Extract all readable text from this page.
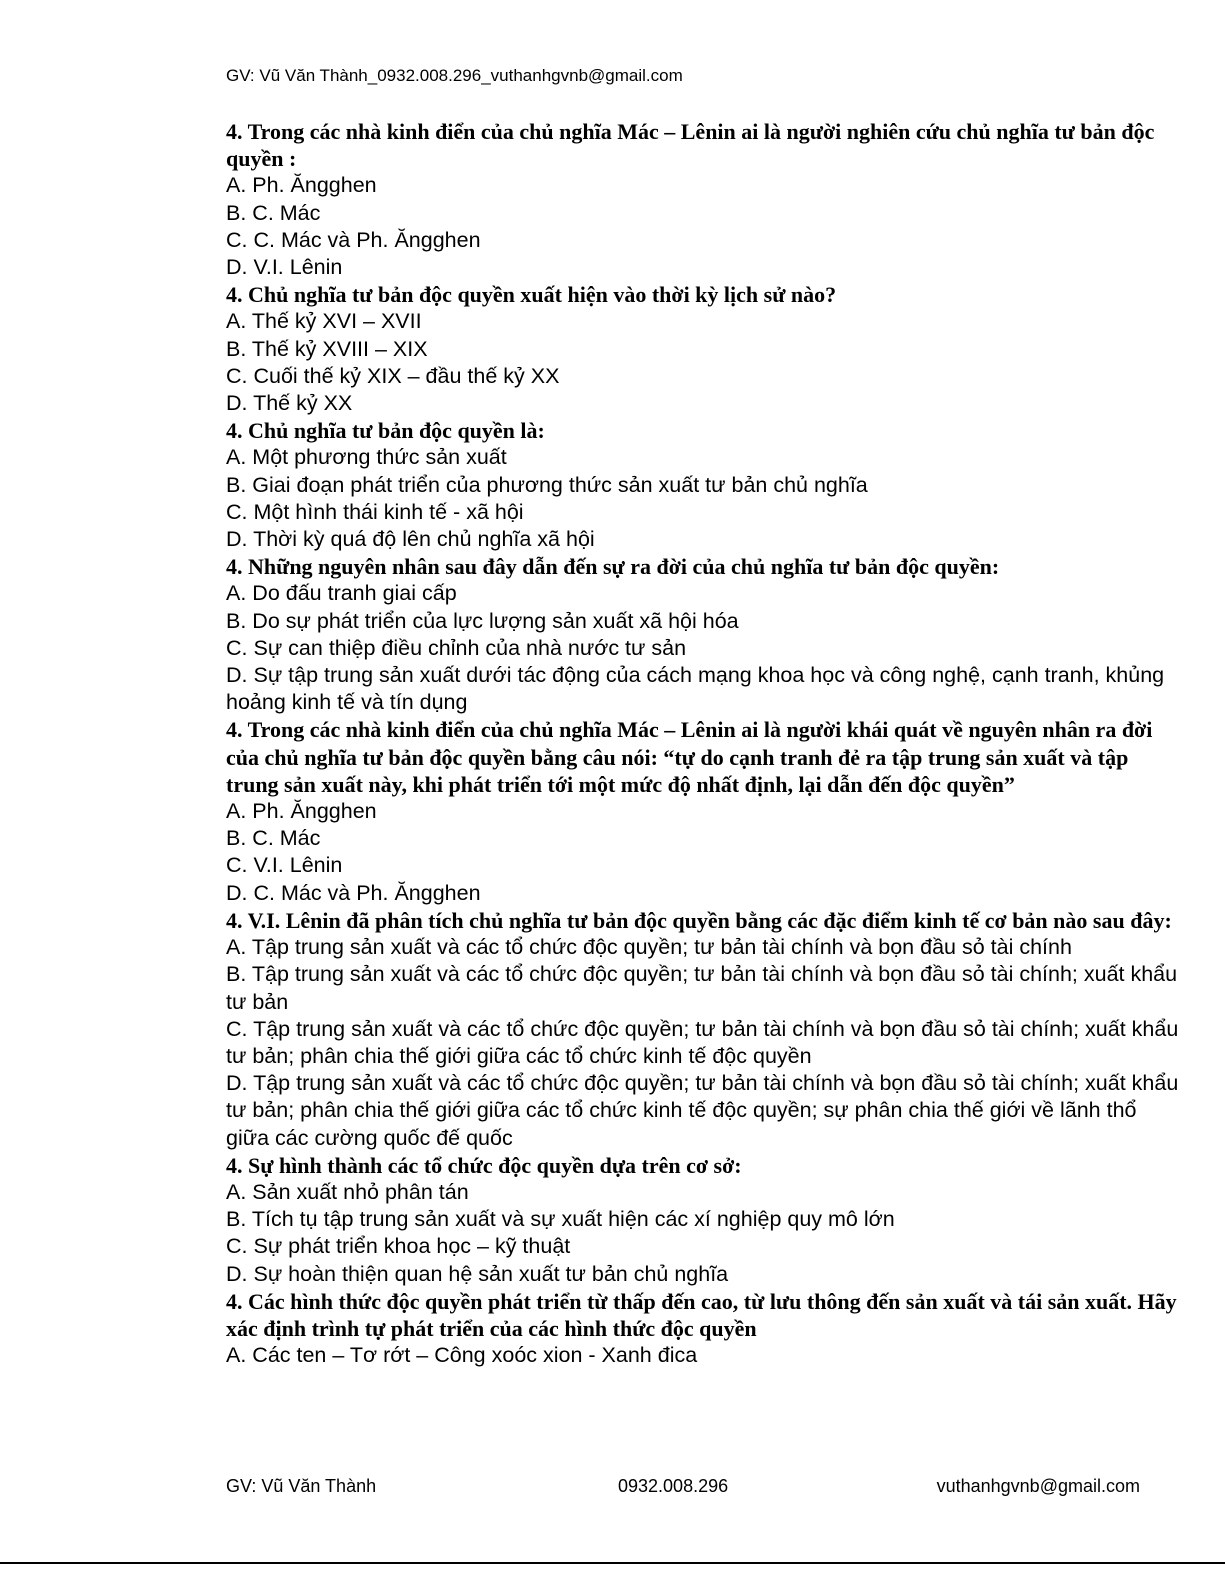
GV: Vũ Văn Thành_0932.008.296_vuthanhgvnb@gmail.com
4. Trong các nhà kinh điển của chủ nghĩa Mác – Lênin ai là người nghiên cứu chủ nghĩa tư bản độc quyền :
A. Ph. Ăngghen
B. C. Mác
C. C. Mác và Ph. Ăngghen
D. V.I. Lênin
4. Chủ nghĩa tư bản độc quyền xuất hiện vào thời kỳ lịch sử nào?
A. Thế kỷ XVI – XVII
B. Thế kỷ XVIII – XIX
C. Cuối thế kỷ XIX – đầu thế kỷ XX
D. Thế kỷ XX
4. Chủ nghĩa tư bản độc quyền là:
A. Một phương thức sản xuất
B. Giai đoạn phát triển của phương thức sản xuất tư bản chủ nghĩa
C. Một hình thái kinh tế - xã hội
D. Thời kỳ quá độ lên chủ nghĩa xã hội
4. Những nguyên nhân sau đây dẫn đến sự ra đời của chủ nghĩa tư bản độc quyền:
A. Do đấu tranh giai cấp
B. Do sự phát triển của lực lượng sản xuất xã hội hóa
C. Sự can thiệp điều chỉnh của nhà nước tư sản
D. Sự tập trung sản xuất dưới tác động của cách mạng khoa học và công nghệ, cạnh tranh, khủng hoảng kinh tế và tín dụng
4. Trong các nhà kinh điển của chủ nghĩa Mác – Lênin ai là người khái quát về nguyên nhân ra đời của chủ nghĩa tư bản độc quyền bằng câu nói: “tự do cạnh tranh đẻ ra tập trung sản xuất và tập trung sản xuất này, khi phát triển tới một mức độ nhất định, lại dẫn đến độc quyền”
A. Ph. Ăngghen
B. C. Mác
C. V.I. Lênin
D. C. Mác và Ph. Ăngghen
4. V.I. Lênin đã phân tích chủ nghĩa tư bản độc quyền bằng các đặc điểm kinh tế cơ bản nào sau đây:
A. Tập trung sản xuất và các tổ chức độc quyền; tư bản tài chính và bọn đầu sỏ tài chính
B. Tập trung sản xuất và các tổ chức độc quyền; tư bản tài chính và bọn đầu sỏ tài chính; xuất khẩu tư bản
C. Tập trung sản xuất và các tổ chức độc quyền; tư bản tài chính và bọn đầu sỏ tài chính; xuất khẩu tư bản; phân chia thế giới giữa các tổ chức kinh tế độc quyền
D. Tập trung sản xuất và các tổ chức độc quyền; tư bản tài chính và bọn đầu sỏ tài chính; xuất khẩu tư bản; phân chia thế giới giữa các tổ chức kinh tế độc quyền; sự phân chia thế giới về lãnh thổ giữa các cường quốc đế quốc
4. Sự hình thành các tổ chức độc quyền dựa trên cơ sở:
A. Sản xuất nhỏ phân tán
B. Tích tụ tập trung sản xuất và sự xuất hiện các xí nghiệp quy mô lớn
C. Sự phát triển khoa học – kỹ thuật
D. Sự hoàn thiện quan hệ sản xuất tư bản chủ nghĩa
4. Các hình thức độc quyền phát triển từ thấp đến cao, từ lưu thông đến sản xuất và tái sản xuất. Hãy xác định trình tự phát triển của các hình thức độc quyền
A. Các ten – Tơ rớt – Công xoóc xion - Xanh đica
GV: Vũ Văn Thành	0932.008.296	vuthanhgvnb@gmail.com
